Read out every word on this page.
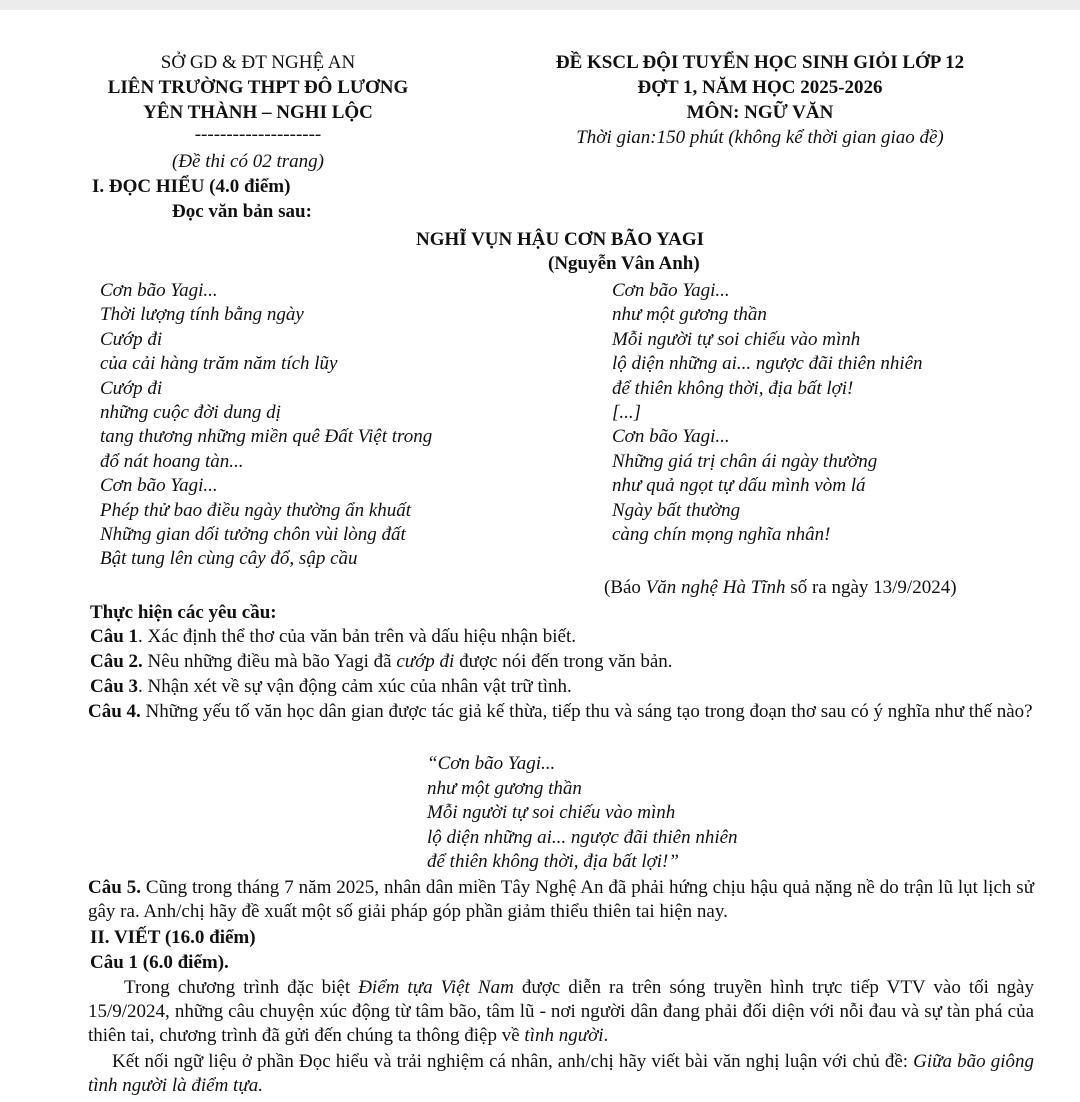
SỞ GD & ĐT NGHỆ AN
LIÊN TRƯỜNG THPT ĐÔ LƯƠNG
YÊN THÀNH – NGHI LỘC
--------------------
(Đề thi có 02 trang)
ĐỀ KSCL ĐỘI TUYỂN HỌC SINH GIỎI LỚP 12
ĐỢT 1, NĂM HỌC 2025-2026
MÔN: NGỮ VĂN
Thời gian:150 phút (không kể thời gian giao đề)
I. ĐỌC HIỂU (4.0 điểm)
Đọc văn bản sau:
NGHĨ VỤN HẬU CƠN BÃO YAGI
(Nguyễn Vân Anh)
Cơn bão Yagi...
Thời lượng tính bằng ngày
Cướp đi
của cải hàng trăm năm tích lũy
Cướp đi
những cuộc đời dung dị
tang thương những miền quê Đất Việt trong
đổ nát hoang tàn...
Cơn bão Yagi...
Phép thử bao điều ngày thường ẩn khuất
Những gian dối tưởng chôn vùi lòng đất
Bật tung lên cùng cây đổ, sập cầu
Cơn bão Yagi...
như một gương thần
Mỗi người tự soi chiếu vào mình
lộ diện những ai... ngược đãi thiên nhiên
để thiên không thời, địa bất lợi!
[...]
Cơn bão Yagi...
Những giá trị chân ái ngày thường
như quả ngọt tự dấu mình vòm lá
Ngày bất thường
càng chín mọng nghĩa nhân!
(Báo Văn nghệ Hà Tĩnh số ra ngày 13/9/2024)
Thực hiện các yêu cầu:
Câu 1. Xác định thể thơ của văn bản trên và dấu hiệu nhận biết.
Câu 2. Nêu những điều mà bão Yagi đã cướp đi được nói đến trong văn bản.
Câu 3. Nhận xét về sự vận động cảm xúc của nhân vật trữ tình.
Câu 4. Những yếu tố văn học dân gian được tác giả kế thừa, tiếp thu và sáng tạo trong đoạn thơ sau có ý nghĩa như thế nào?
“Cơn bão Yagi...
như một gương thần
Mỗi người tự soi chiếu vào mình
lộ diện những ai... ngược đãi thiên nhiên
để thiên không thời, địa bất lợi!”
Câu 5. Cũng trong tháng 7 năm 2025, nhân dân miền Tây Nghệ An đã phải hứng chịu hậu quả nặng nề do trận lũ lụt lịch sử gây ra. Anh/chị hãy đề xuất một số giải pháp góp phần giảm thiểu thiên tai hiện nay.
II. VIẾT (16.0 điểm)
Câu 1 (6.0 điểm).
Trong chương trình đặc biệt Điểm tựa Việt Nam được diễn ra trên sóng truyền hình trực tiếp VTV vào tối ngày 15/9/2024, những câu chuyện xúc động từ tâm bão, tâm lũ - nơi người dân đang phải đối diện với nỗi đau và sự tàn phá của thiên tai, chương trình đã gửi đến chúng ta thông điệp về tình người.
Kết nối ngữ liệu ở phần Đọc hiểu và trải nghiệm cá nhân, anh/chị hãy viết bài văn nghị luận với chủ đề: Giữa bão giông tình người là điểm tựa.
